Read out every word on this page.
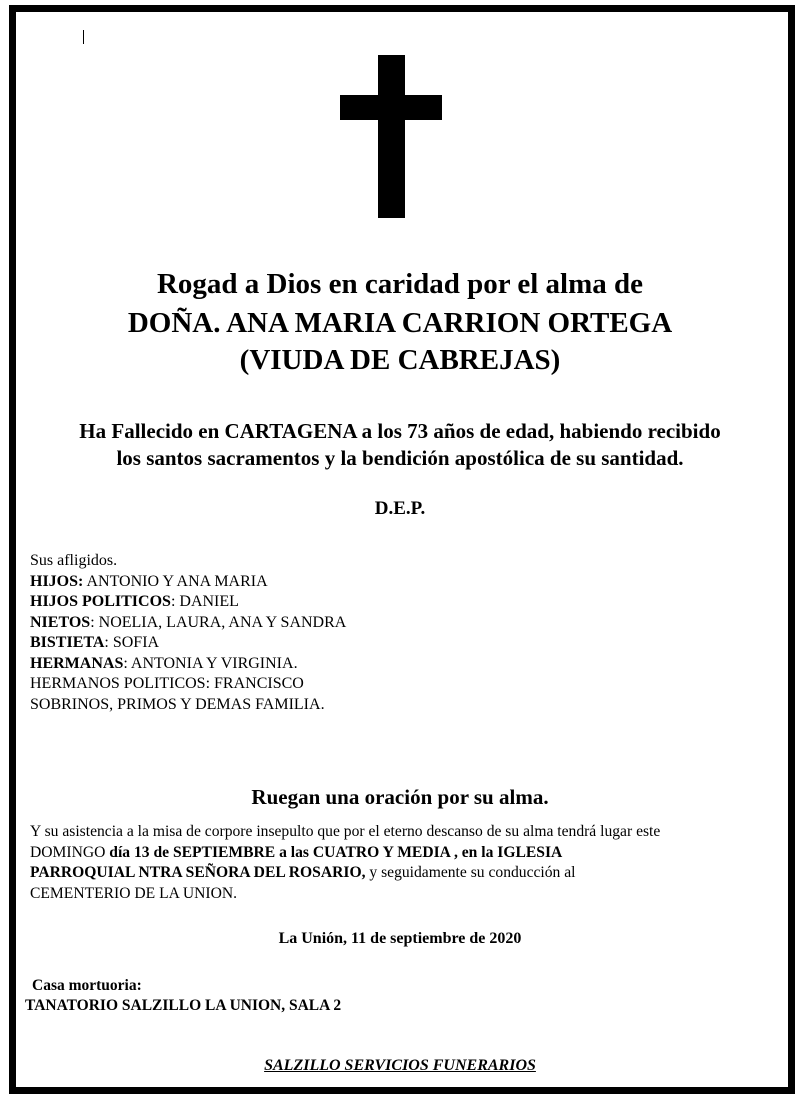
Rogad a Dios en caridad por el alma de
DOÑA. ANA MARIA CARRION ORTEGA
(VIUDA DE CABREJAS)
Ha Fallecido en CARTAGENA a los 73 años de edad, habiendo recibido
los santos sacramentos y la bendición apostólica de su santidad.
D.E.P.
Sus afligidos.
HIJOS: ANTONIO Y ANA MARIA
HIJOS POLITICOS: DANIEL
NIETOS: NOELIA, LAURA, ANA Y SANDRA
BISTIETA: SOFIA
HERMANAS: ANTONIA Y VIRGINIA.
HERMANOS POLITICOS: FRANCISCO
SOBRINOS, PRIMOS Y DEMAS FAMILIA.
Ruegan una oración por su alma.
Y su asistencia a la misa de corpore insepulto que por el eterno descanso de su alma tendrá lugar este
DOMINGO día 13 de SEPTIEMBRE a las CUATRO Y MEDIA , en la IGLESIA
PARROQUIAL NTRA SEÑORA DEL ROSARIO, y seguidamente su conducción al
CEMENTERIO DE LA UNION.
La Unión, 11 de septiembre de 2020
Casa mortuoria:
TANATORIO SALZILLO LA UNION, SALA 2
SALZILLO SERVICIOS FUNERARIOS
